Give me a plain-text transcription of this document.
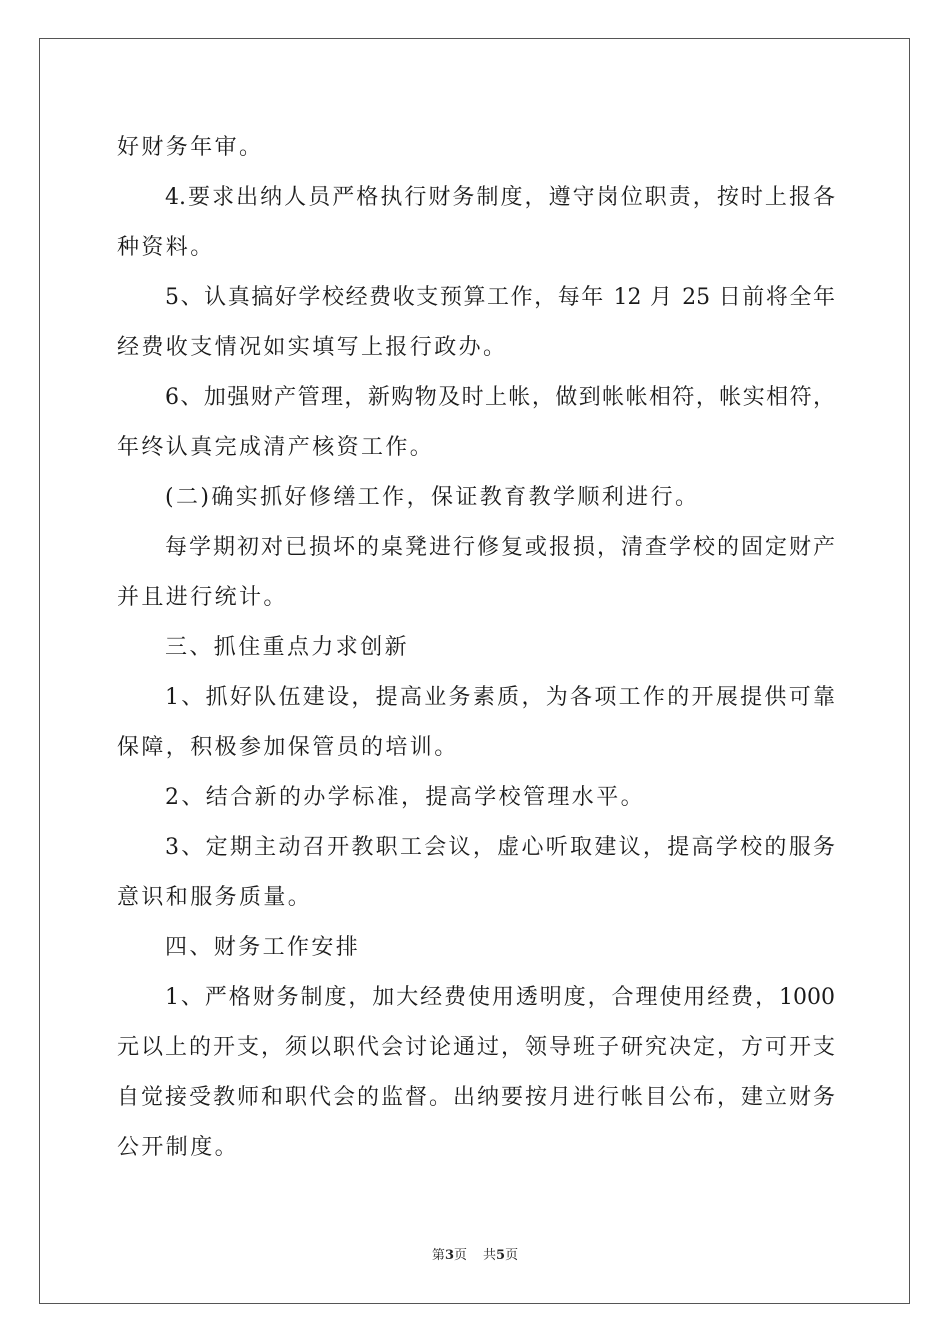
好财务年审。
4.要求出纳人员严格执行财务制度，遵守岗位职责，按时上报各
种资料。
5、认真搞好学校经费收支预算工作，每年 12 月 25 日前将全年
经费收支情况如实填写上报行政办。
6、加强财产管理，新购物及时上帐，做到帐帐相符，帐实相符，
年终认真完成清产核资工作。
(二)确实抓好修缮工作，保证教育教学顺利进行。
每学期初对已损坏的桌凳进行修复或报损，清查学校的固定财产
并且进行统计。
三、抓住重点力求创新
1、抓好队伍建设，提高业务素质，为各项工作的开展提供可靠
保障，积极参加保管员的培训。
2、结合新的办学标准，提高学校管理水平。
3、定期主动召开教职工会议，虚心听取建议，提高学校的服务
意识和服务质量。
四、财务工作安排
1、严格财务制度，加大经费使用透明度，合理使用经费，1000
元以上的开支，须以职代会讨论通过，领导班子研究决定，方可开支
自觉接受教师和职代会的监督。出纳要按月进行帐目公布，建立财务
公开制度。
第3页 共5页
